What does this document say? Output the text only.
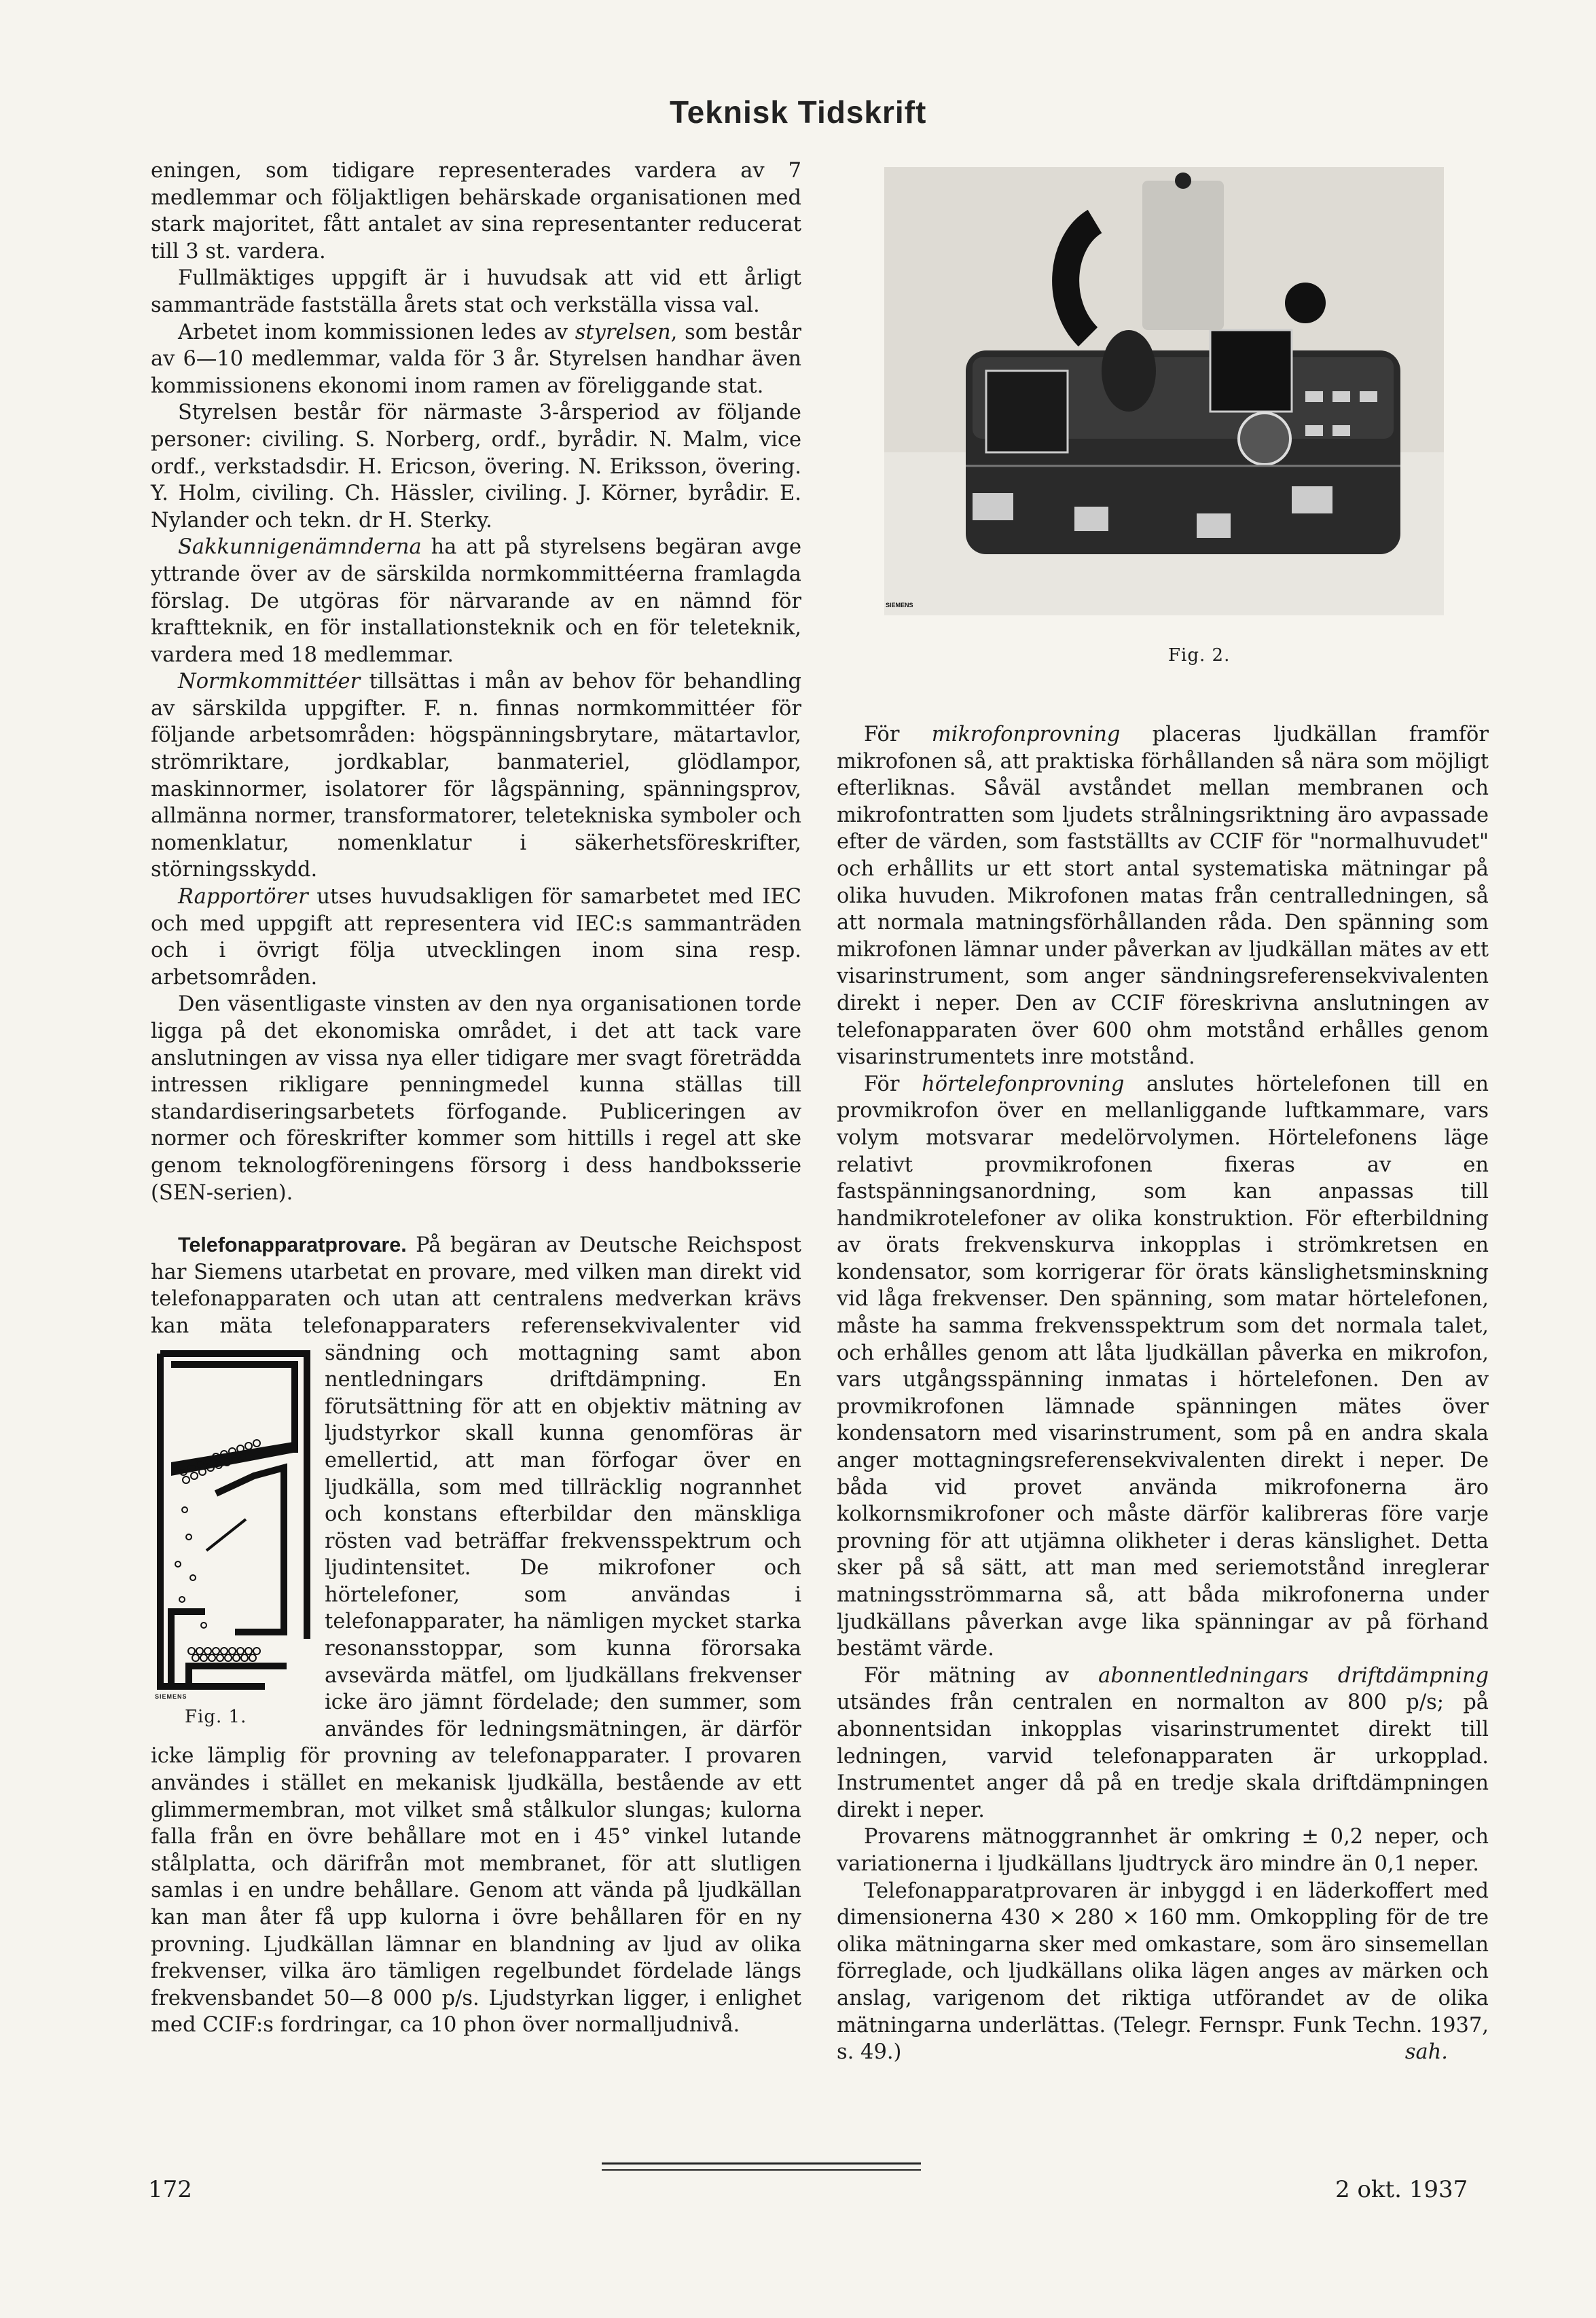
Teknisk Tidskrift

eningen, som tidigare representerades vardera av 7 medlemmar och följaktligen behärskade organisationen med stark majoritet, fått antalet av sina representanter reducerat till 3 st. vardera.

Fullmäktiges uppgift är i huvudsak att vid ett årligt sammanträde fastställa årets stat och verkställa vissa val.

Arbetet inom kommissionen ledes av styrelsen, som består av 6—10 medlemmar, valda för 3 år. Styrelsen handhar även kommissionens ekonomi inom ramen av föreliggande stat.

Styrelsen består för närmaste 3-årsperiod av följande personer: civiling. S. Norberg, ordf., byrådir. N. Malm, vice ordf., verkstadsdir. H. Ericson, övering. N. Eriksson, övering. Y. Holm, civiling. Ch. Hässler, civiling. J. Körner, byrådir. E. Nylander och tekn. dr H. Sterky.

Sakkunnigenämnderna ha att på styrelsens begäran avge yttrande över av de särskilda normkommittéerna framlagda förslag. De utgöras för närvarande av en nämnd för kraftteknik, en för installationsteknik och en för teleteknik, vardera med 18 medlemmar.

Normkommittéer tillsättas i mån av behov för behandling av särskilda uppgifter. F. n. finnas normkommittéer för följande arbetsområden: högspänningsbrytare, mätartavlor, strömriktare, jordkablar, banmateriel, glödlampor, maskinnormer, isolatorer för lågspänning, spänningsprov, allmänna normer, transformatorer, teletekniska symboler och nomenklatur, nomenklatur i säkerhetsföreskrifter, störningsskydd.

Rapportörer utses huvudsakligen för samarbetet med IEC och med uppgift att representera vid IEC:s sammanträden och i övrigt följa utvecklingen inom sina resp. arbetsområden.

Den väsentligaste vinsten av den nya organisationen torde ligga på det ekonomiska området, i det att tack vare anslutningen av vissa nya eller tidigare mer svagt företrädda intressen rikligare penningmedel kunna ställas till standardiseringsarbetets förfogande. Publiceringen av normer och föreskrifter kommer som hittills i regel att ske genom teknologföreningens försorg i dess handboksserie (SEN-serien).

Telefonapparatprovare. På begäran av Deutsche Reichspost har Siemens utarbetat en provare, med vilken man direkt vid telefonapparaten och utan att centralens medverkan krävs kan mäta telefonapparaters referensekvivalenter vid sändning och mottagning samt abon
nentledningars driftdämpning. En förutsättning för att en objektiv mätning av ljudstyrkor skall kunna genomföras är emellertid, att man förfogar över en ljudkälla, som med tillräcklig nogrannhet och konstans efterbildar den mänskliga rösten vad beträffar frekvensspektrum och ljudintensitet. De mikrofoner och hörtelefoner, som användas i telefonapparater, ha nämligen mycket starka resonansstoppar, som kunna förorsaka avsevärda mätfel, om ljudkällans frekvenser icke äro jämnt fördelade; den summer, som användes för ledningsmätningen, är därför icke lämplig för provning av telefonapparater. I provaren användes i stället en mekanisk ljudkälla, bestående av ett glimmermembran, mot vilket små stålkulor slungas; kulorna falla från en övre behållare mot en i 45° vinkel lutande stålplatta, och därifrån mot membranet, för att slutligen samlas i en undre behållare. Genom att vända på ljudkällan kan man åter få upp kulorna i övre behållaren för en ny provning. Ljudkällan lämnar en blandning av ljud av olika frekvenser, vilka äro tämligen regelbundet fördelade längs frekvensbandet 50—8 000 p/s. Ljudstyrkan ligger, i enlighet med CCIF:s fordringar, ca 10 phon över normalljudnivå.

SIEMENS
Fig. 1.
SIEMENS
Fig. 2.

För mikrofonprovning placeras ljudkällan framför mikrofonen så, att praktiska förhållanden så nära som möjligt efterliknas. Såväl avståndet mellan membranen och mikrofontratten som ljudets strålningsriktning äro avpassade efter de värden, som fastställts av CCIF för "normalhuvudet" och erhållits ur ett stort antal systematiska mätningar på olika huvuden. Mikrofonen matas från centralledningen, så att normala matningsförhållanden råda. Den spänning som mikrofonen lämnar under påverkan av ljudkällan mätes av ett visarinstrument, som anger sändningsreferensekvivalenten direkt i neper. Den av CCIF föreskrivna anslutningen av telefonapparaten över 600 ohm motstånd erhålles genom visarinstrumentets inre motstånd.

För hörtelefonprovning anslutes hörtelefonen till en provmikrofon över en mellanliggande luftkammare, vars volym motsvarar medelörvolymen. Hörtelefonens läge relativt provmikrofonen fixeras av en fastspänningsanordning, som kan anpassas till handmikrotelefoner av olika konstruktion. För efterbildning av örats frekvenskurva inkopplas i strömkretsen en kondensator, som korrigerar för örats känslighetsminskning vid låga frekvenser. Den spänning, som matar hörtelefonen, måste ha samma frekvensspektrum som det normala talet, och erhålles genom att låta ljudkällan påverka en mikrofon, vars utgångsspänning inmatas i hörtelefonen. Den av provmikrofonen lämnade spänningen mätes över kondensatorn med visarinstrument, som på en andra skala anger mottagningsreferensekvivalenten direkt i neper. De båda vid provet använda mikrofonerna äro kolkornsmikrofoner och måste därför kalibreras före varje provning för att utjämna olikheter i deras känslighet. Detta sker på så sätt, att man med seriemotstånd inreglerar matningsströmmarna så, att båda mikrofonerna under ljudkällans påverkan avge lika spänningar av på förhand bestämt värde.

För mätning av abonnentledningars driftdämpning utsändes från centralen en normalton av 800 p/s; på abonnentsidan inkopplas visarinstrumentet direkt till ledningen, varvid telefonapparaten är urkopplad. Instrumentet anger då på en tredje skala driftdämpningen direkt i neper.

Provarens mätnoggrannhet är omkring ± 0,2 neper, och variationerna i ljudkällans ljudtryck äro mindre än 0,1 neper.

Telefonapparatprovaren är inbyggd i en läderkoffert med dimensionerna 430 × 280 × 160 mm. Omkoppling för de tre olika mätningarna sker med omkastare, som äro sinsemellan förreglade, och ljudkällans olika lägen anges av märken och anslag, varigenom det riktiga utförandet av de olika mätningarna underlättas. (Telegr. Fernspr. Funk Techn. 1937, s. 49.)	sah.

172	2 okt. 1937
